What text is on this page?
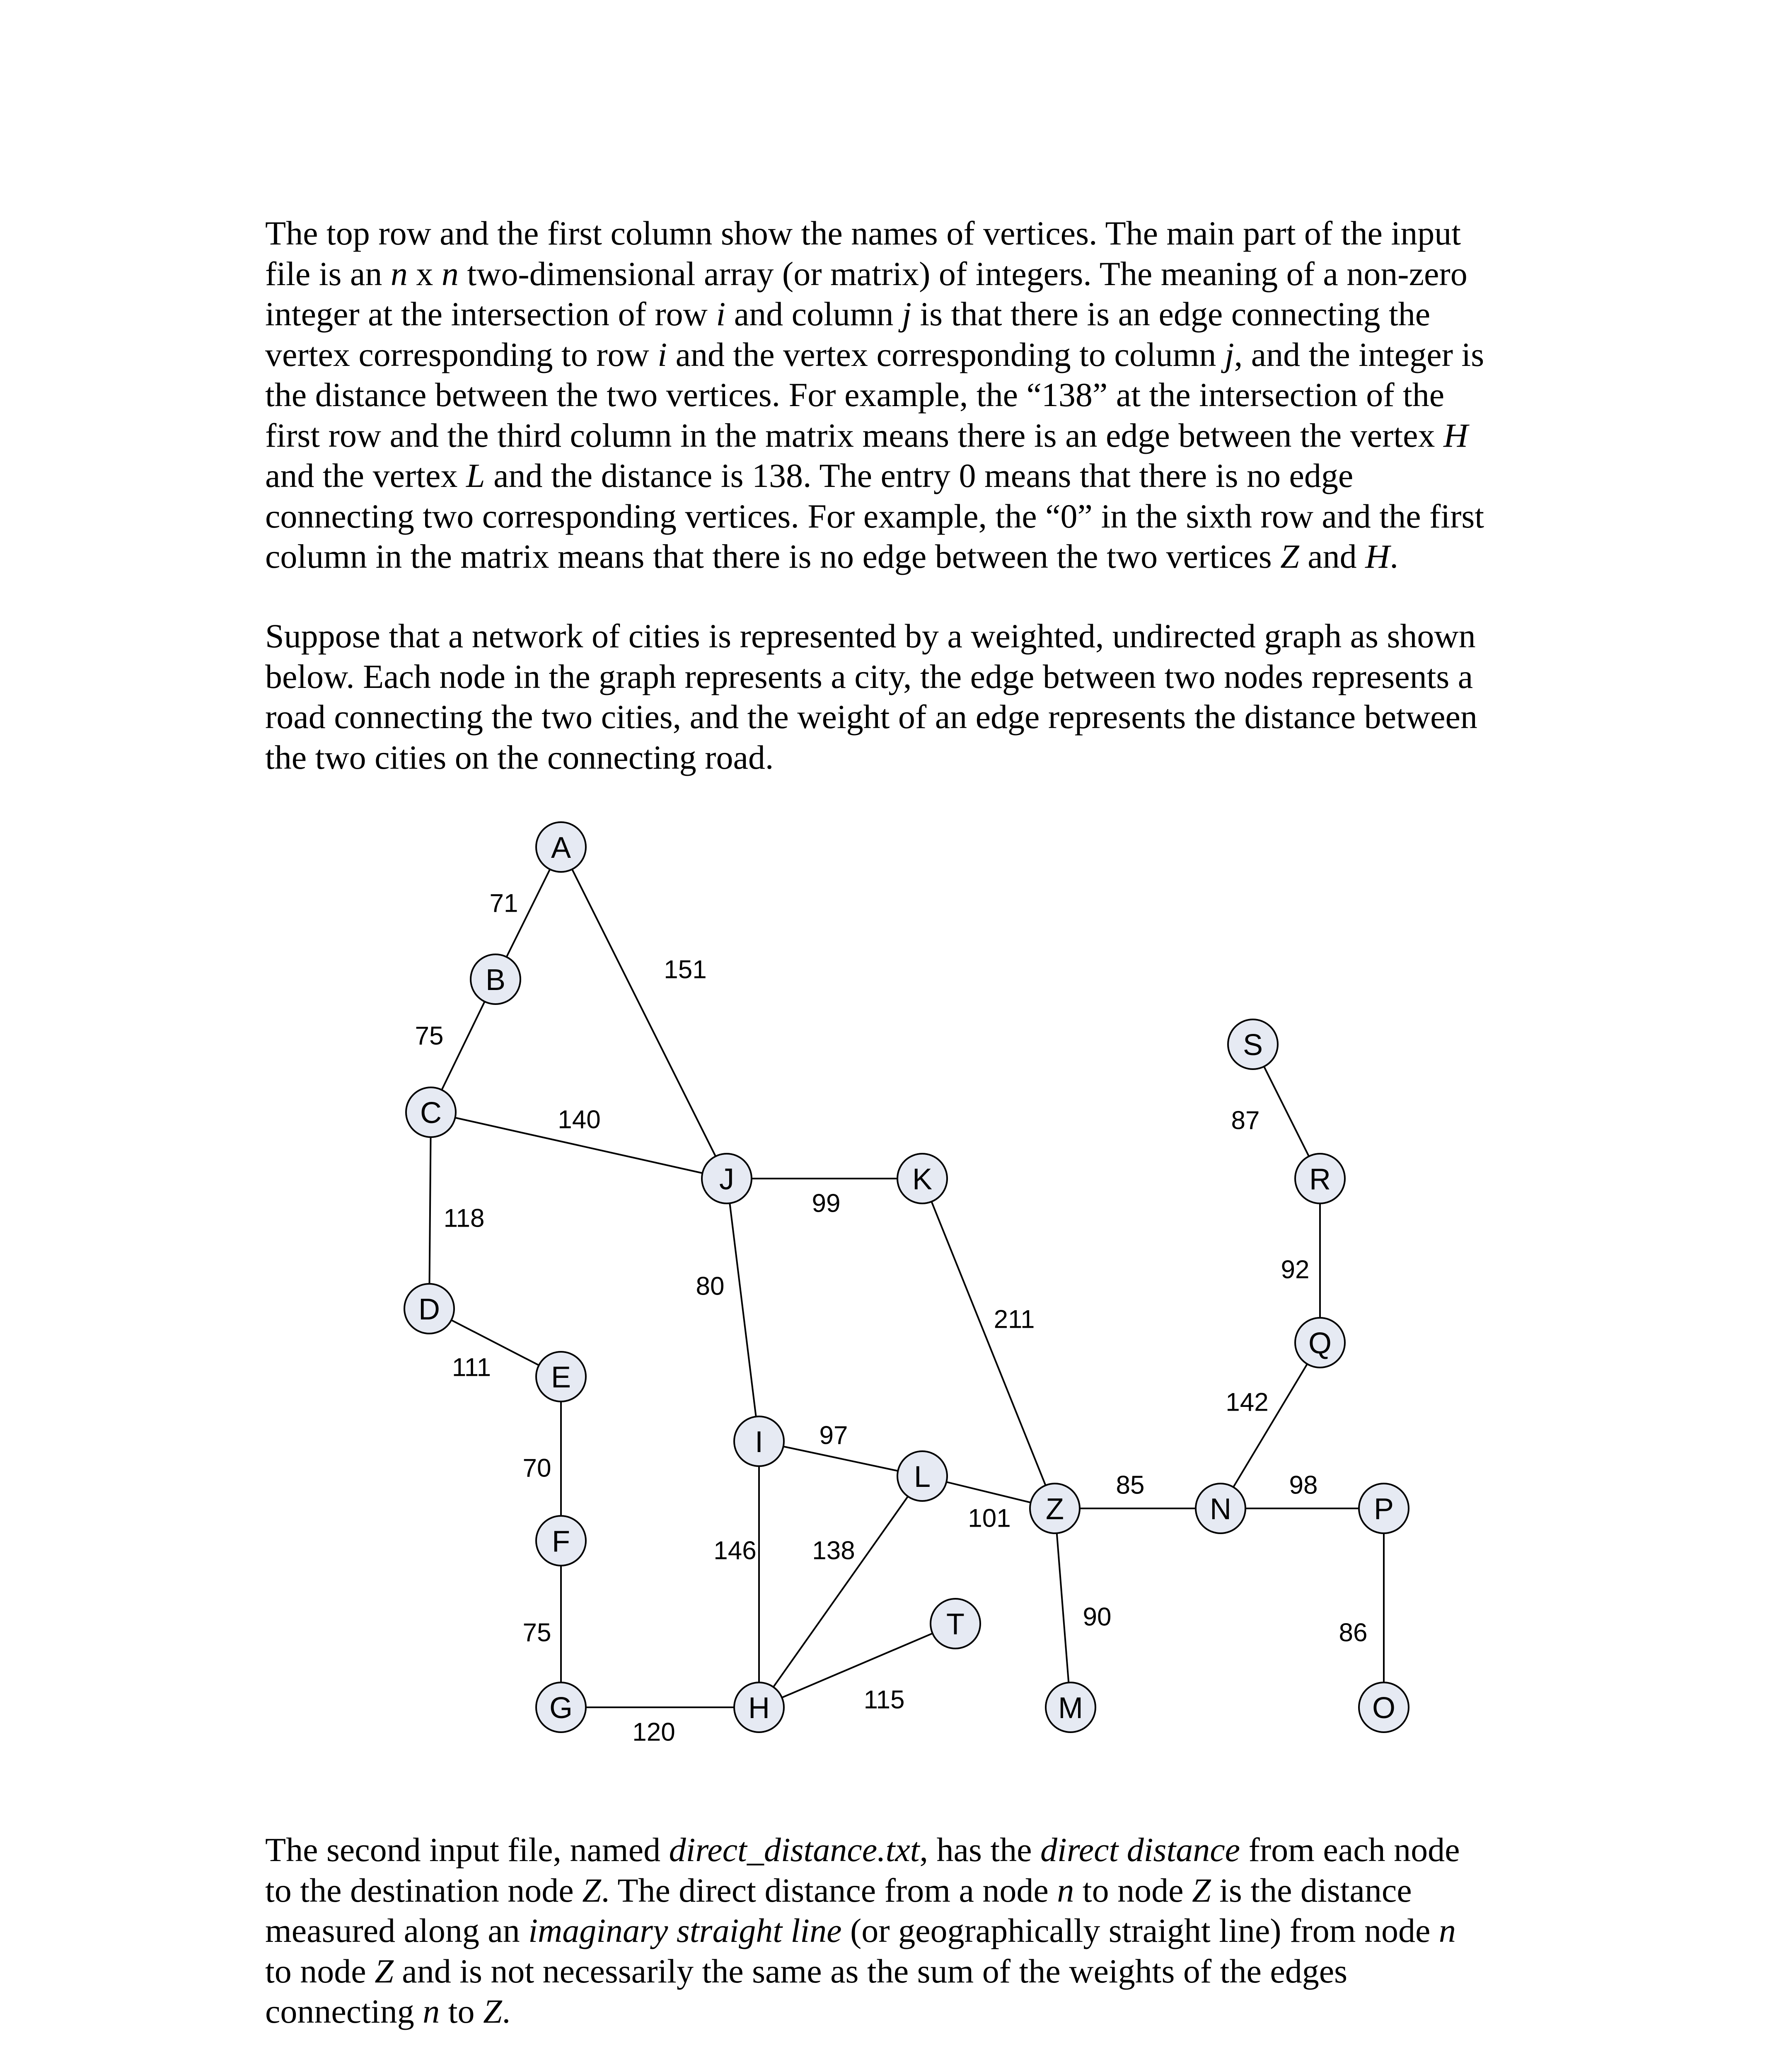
The top row and the first column show the names of vertices. The main part of the input
file is an n x n two-dimensional array (or matrix) of integers. The meaning of a non-zero
integer at the intersection of row i and column j is that there is an edge connecting the
vertex corresponding to row i and the vertex corresponding to column j, and the integer is
the distance between the two vertices. For example, the “138” at the intersection of the
first row and the third column in the matrix means there is an edge between the vertex H
and the vertex L and the distance is 138. The entry 0 means that there is no edge
connecting two corresponding vertices. For example, the “0” in the sixth row and the first
column in the matrix means that there is no edge between the two vertices Z and H.
Suppose that a network of cities is represented by a weighted, undirected graph as shown
below. Each node in the graph represents a city, the edge between two nodes represents a
road connecting the two cities, and the weight of an edge represents the distance between
the two cities on the connecting road.
71
151
75
140
118
111
70
75
120
99
80
211
97
146 138
101
115
85
90
142
98
92
87
86
A
B
C
D
E
F
G	H
I
J	K
L
M
N
O
P
Q
R
S
T
Z
The second input file, named direct_distance.txt, has the direct distance from each node
to the destination node Z. The direct distance from a node n to node Z is the distance
measured along an imaginary straight line (or geographically straight line) from node n
to node Z and is not necessarily the same as the sum of the weights of the edges
connecting n to Z.
